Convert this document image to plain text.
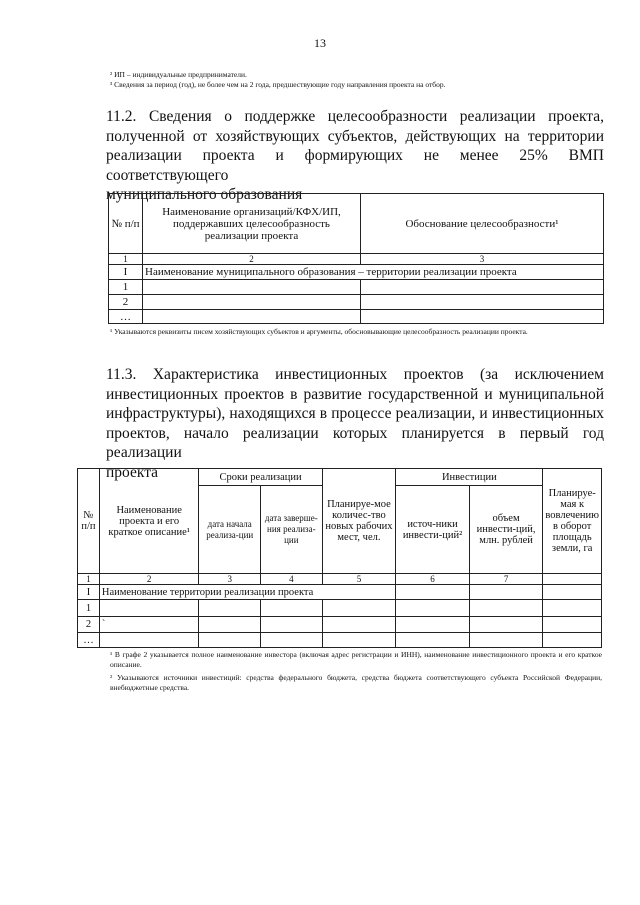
13
² ИП – индивидуальные предприниматели.
³ Сведения за период (год), не более чем на 2 года, предшествующие году направления проекта на отбор.
11.2. Сведения о поддержке целесообразности реализации проекта,
полученной от хозяйствующих субъектов, действующих на территории
реализации проекта и формирующих не менее 25% ВМП соответствующего
муниципального образования
№ п/п	Наименование организаций/КФХ/ИП, поддержавших целесообразность реализации проекта	Обоснование целесообразности¹
1	2	3
I	Наименование муниципального образования – территории реализации проекта	
1		
2		
…		
¹ Указываются реквизиты писем хозяйствующих субъектов и аргументы, обосновывающие целесообразность реализации проекта.
11.3. Характеристика инвестиционных проектов (за исключением
инвестиционных проектов в развитие государственной и муниципальной
инфраструктуры), находящихся в процессе реализации, и инвестиционных
проектов, начало реализации которых планируется в первый год реализации
проекта
№ п/п	Наименование проекта и его краткое описание¹	Сроки реализации		Планируе-мое количес-тво новых рабочих мест, чел.	Инвестиции		Планируе-мая к вовлечению в оборот площадь земли, га
		дата начала реализа-ции	дата заверше-ния реализа-ции		источ-ники инвести-ций²	объем инвести-ций, млн. рублей	
1	2	3	4	5	6	7	
I	Наименование территории реализации проекта						
1							
2	`						
…							
¹ В графе 2 указывается полное наименование инвестора (включая адрес регистрации и ИНН), наименование инвестиционного проекта и его краткое описание.
² Указываются источники инвестиций: средства федерального бюджета, средства бюджета соответствующего субъекта Российской Федерации, внебюджетные средства.
